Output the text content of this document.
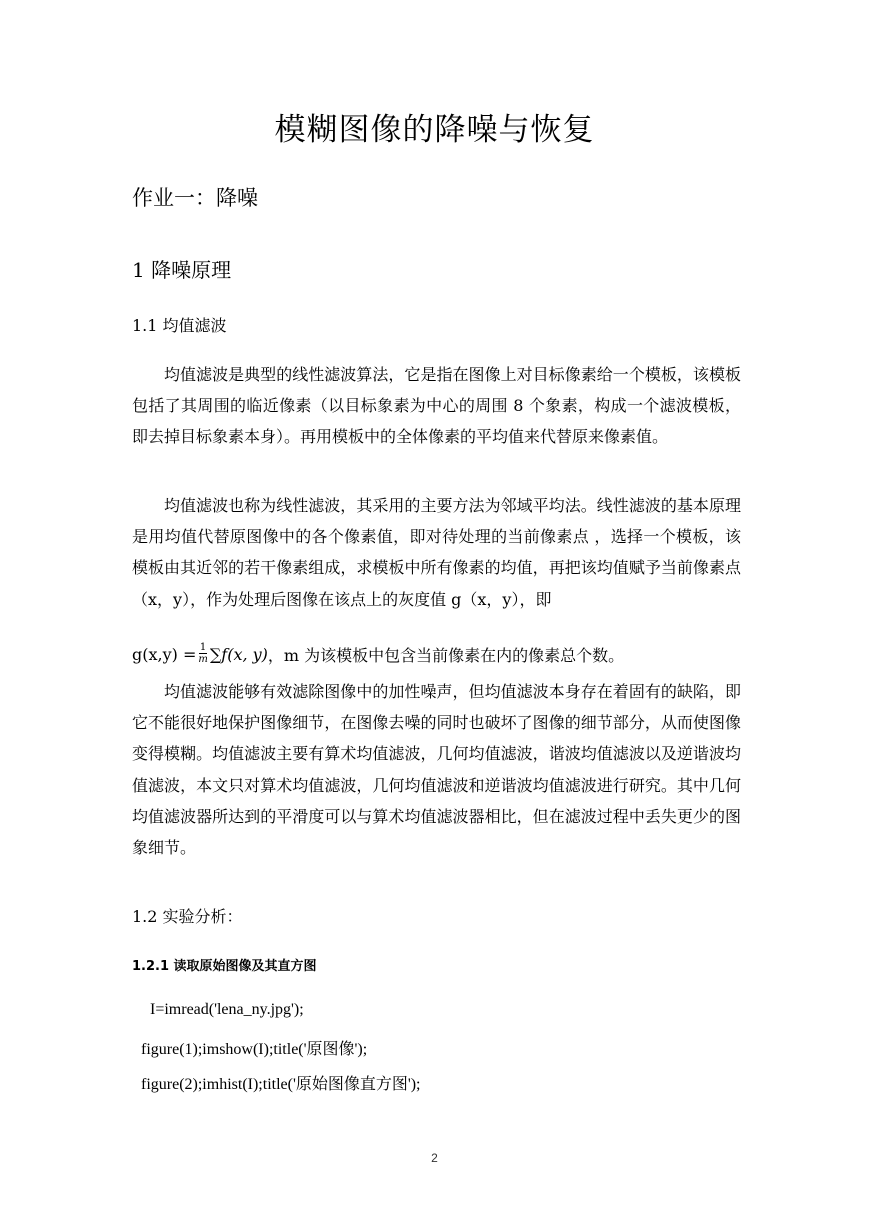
模糊图像的降噪与恢复
作业一：降噪
1 降噪原理
1.1 均值滤波

均值滤波是典型的线性滤波算法，它是指在图像上对目标像素给一个模板，该模板包括了其周围的临近像素（以目标象素为中心的周围 8 个象素，构成一个滤波模板，即去掉目标象素本身）。再用模板中的全体像素的平均值来代替原来像素值。

均值滤波也称为线性滤波，其采用的主要方法为邻域平均法。线性滤波的基本原理是用均值代替原图像中的各个像素值，即对待处理的当前像素点 ，选择一个模板，该模板由其近邻的若干像素组成，求模板中所有像素的均值，再把该均值赋予当前像素点（x，y），作为处理后图像在该点上的灰度值 g（x，y），即

$g(x,y) = \frac{1}{m}$ ∑ f(x, y) ，m 为该模板中包含当前像素在内的像素总个数。

均值滤波能够有效滤除图像中的加性噪声，但均值滤波本身存在着固有的缺陷，即它不能很好地保护图像细节，在图像去噪的同时也破坏了图像的细节部分，从而使图像变得模糊。均值滤波主要有算术均值滤波，几何均值滤波，谐波均值滤波以及逆谐波均值滤波，本文只对算术均值滤波，几何均值滤波和逆谐波均值滤波进行研究。其中几何均值滤波器所达到的平滑度可以与算术均值滤波器相比，但在滤波过程中丢失更少的图象细节。

1.2 实验分析：
1.2.1 读取原始图像及其直方图
I=imread('lena_ny.jpg');
figure(1);imshow(I);title('原图像');
figure(2);imhist(I);title('原始图像直方图');
2
